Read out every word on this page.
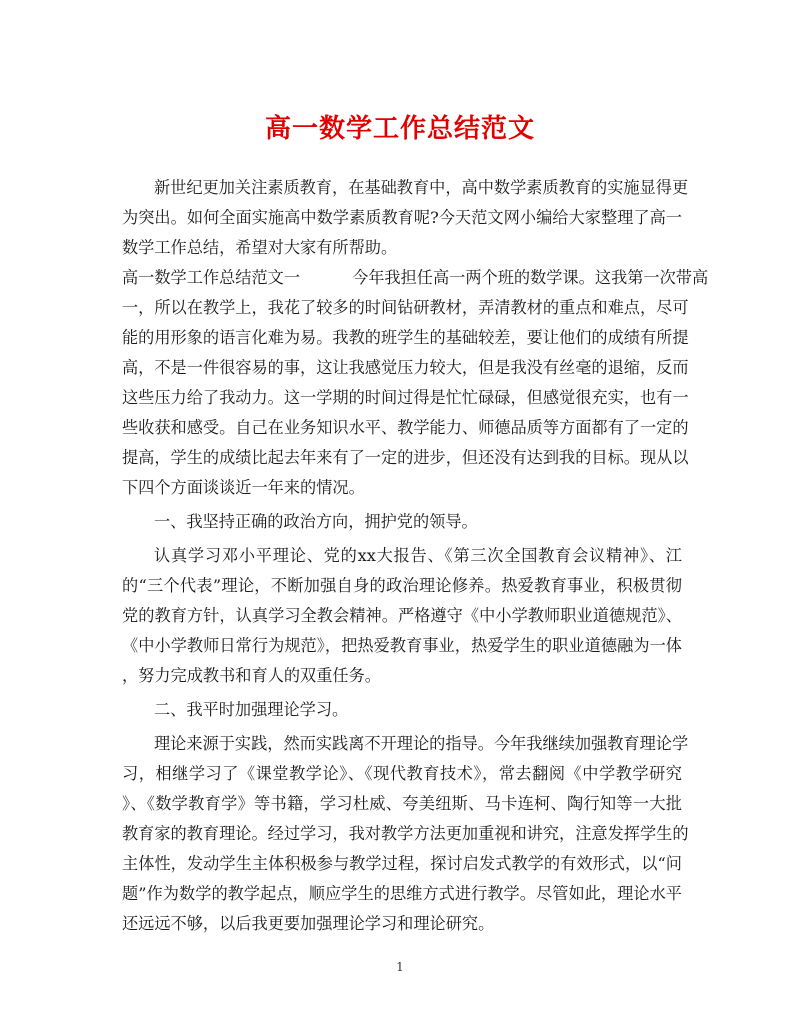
高一数学工作总结范文
新世纪更加关注素质教育，在基础教育中，高中数学素质教育的实施显得更
为突出。如何全面实施高中数学素质教育呢?今天范文网小编给大家整理了高一
数学工作总结，希望对大家有所帮助。
高一数学工作总结范文一	今年我担任高一两个班的数学课。这我第一次带高
一，所以在教学上，我花了较多的时间钻研教材，弄清教材的重点和难点，尽可
能的用形象的语言化难为易。我教的班学生的基础较差，要让他们的成绩有所提
高，不是一件很容易的事，这让我感觉压力较大，但是我没有丝毫的退缩，反而
这些压力给了我动力。这一学期的时间过得是忙忙碌碌，但感觉很充实，也有一
些收获和感受。自己在业务知识水平、教学能力、师德品质等方面都有了一定的
提高，学生的成绩比起去年来有了一定的进步，但还没有达到我的目标。现从以
下四个方面谈谈近一年来的情况。
一、我坚持正确的政治方向，拥护党的领导。
认真学习邓小平理论、党的xx大报告、《第三次全国教育会议精神》、江
的“三个代表”理论，不断加强自身的政治理论修养。热爱教育事业，积极贯彻
党的教育方针，认真学习全教会精神。严格遵守《中小学教师职业道德规范》、
《中小学教师日常行为规范》，把热爱教育事业，热爱学生的职业道德融为一体
，努力完成教书和育人的双重任务。
二、我平时加强理论学习。
理论来源于实践，然而实践离不开理论的指导。今年我继续加强教育理论学
习，相继学习了《课堂教学论》、《现代教育技术》，常去翻阅《中学教学研究
》、《数学教育学》等书籍，学习杜威、夸美纽斯、马卡连柯、陶行知等一大批
教育家的教育理论。经过学习，我对教学方法更加重视和讲究，注意发挥学生的
主体性，发动学生主体积极参与教学过程，探讨启发式教学的有效形式，以“问
题”作为数学的教学起点，顺应学生的思维方式进行教学。尽管如此，理论水平
还远远不够，以后我更要加强理论学习和理论研究。
1
